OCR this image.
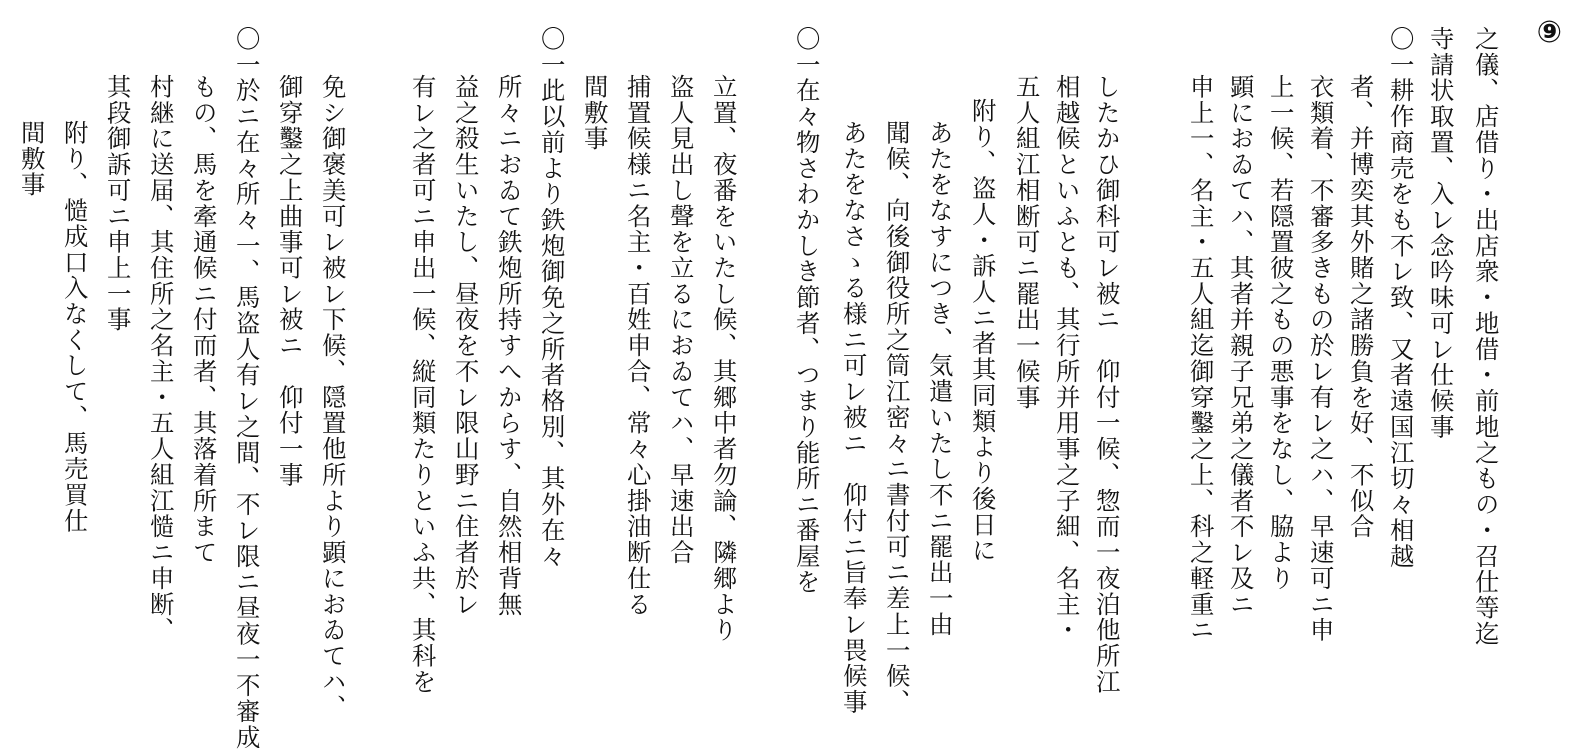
⑨
之儀、店借り・出店衆・地借・前地之もの・召仕等迄
寺請状取置、入レ念吟味可レ仕候事
〇一耕作商売をも不レ致、又者遠国江切々相越
者、并博奕其外賭之諸勝負を好、不似合
衣類着、不審多きもの於レ有レ之ハ、早速可ニ申
上一候、若隠置彼之もの悪事をなし、脇より
顕におゐてハ、其者并親子兄弟之儀者不レ及ニ
申上一、名主・五人組迄御穿鑿之上、科之軽重ニ
したかひ御科可レ被ニ　仰付一候、惣而一夜泊他所江
相越候といふとも、其行所并用事之子細、名主・
五人組江相断可ニ罷出一候事
附り、盗人・訴人ニ者其同類より後日に
あたをなすにつき、気遣いたし不ニ罷出一由
聞候、向後御役所之筒江密々ニ書付可ニ差上一候、
あたをなさゝる様ニ可レ被ニ　仰付ニ旨奉レ畏候事
〇一在々物さわかしき節者、つまり能所ニ番屋を
立置、夜番をいたし候、其郷中者勿論、隣郷より
盗人見出し聲を立るにおゐてハ、早速出合
捕置候様ニ名主・百姓申合、常々心掛油断仕る
間敷事
〇一此以前より鉄炮御免之所者格別、其外在々
所々ニおゐて鉄炮所持すへからす、自然相背無
益之殺生いたし、昼夜を不レ限山野ニ住者於レ
有レ之者可ニ申出一候、縦同類たりといふ共、其科を
免シ御褒美可レ被レ下候、隠置他所より顕におゐてハ、
御穿鑿之上曲事可レ被ニ　仰付一事
〇一於ニ在々所々一、馬盗人有レ之間、不レ限ニ昼夜一不審成
もの、馬を牽通候ニ付而者、其落着所まて
村継に送届、其住所之名主・五人組江慥ニ申断、
其段御訴可ニ申上一事
附り、慥成口入なくして、馬売買仕
間敷事
